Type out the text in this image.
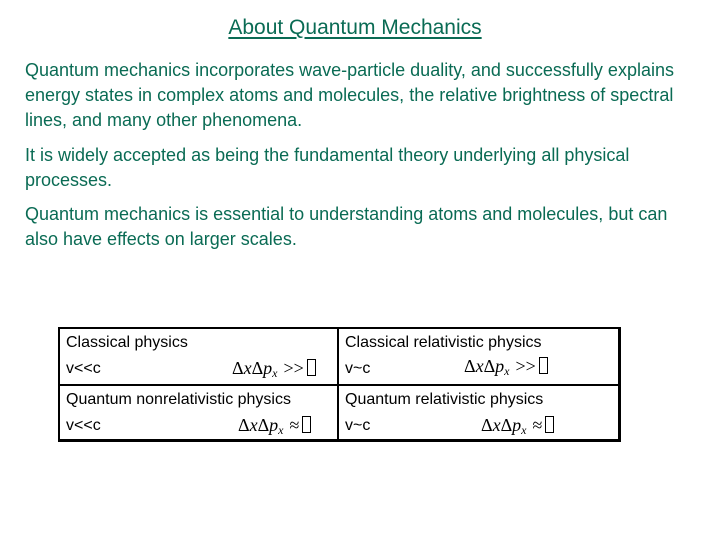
About Quantum Mechanics

Quantum mechanics incorporates wave-particle duality, and successfully explains energy states in complex atoms and molecules, the relative brightness of spectral lines, and many other phenomena.

It is widely accepted as being the fundamental theory underlying all physical processes.

Quantum mechanics is essential to understanding atoms and molecules, but can also have effects on larger scales.

Classical physics
v<<c	ΔxΔp$_x$ >>
Classical relativistic physics
v~c	ΔxΔp$_x$ >>
Quantum nonrelativistic physics
v<<c	ΔxΔp$_x$ ≈
Quantum relativistic physics
v~c	ΔxΔp$_x$ ≈
